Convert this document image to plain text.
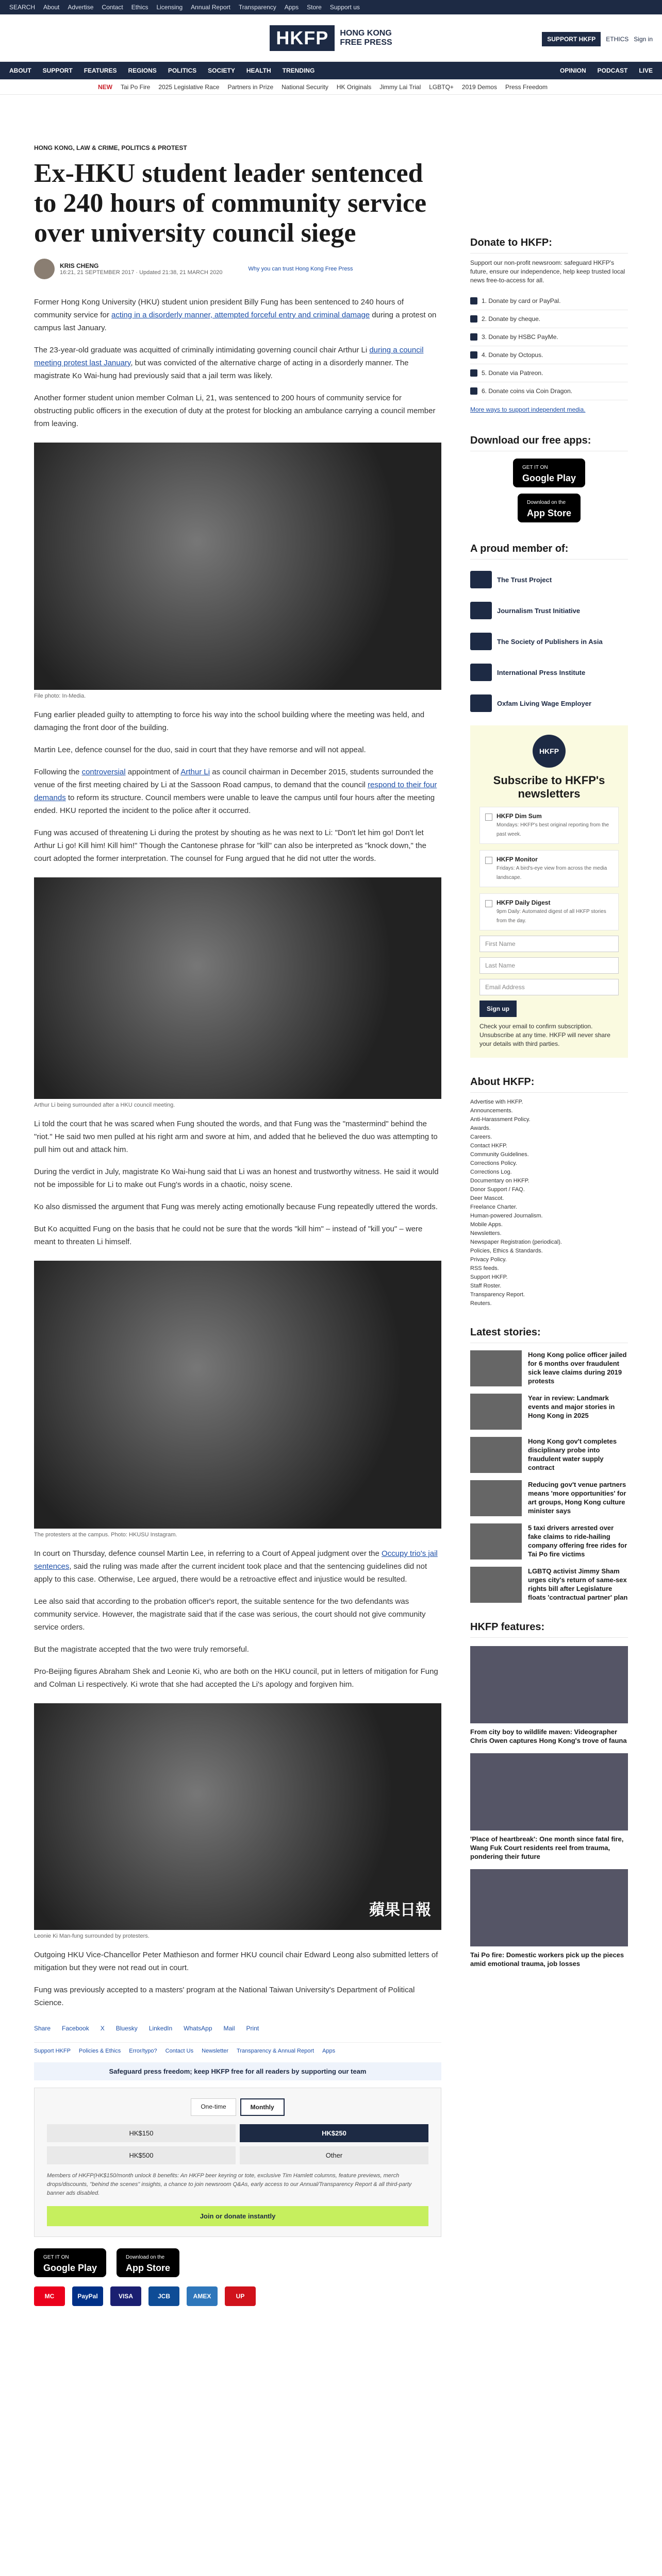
SEARCH About Advertise Contact Ethics Licensing Annual Report Transparency Apps Store Support us
HKFP	HONG KONG
FREE PRESS	SUPPORT HKFP	ETHICS Sign in
ABOUT SUPPORT FEATURES REGIONS POLITICS SOCIETY HEALTH TRENDING	OPINION PODCAST LIVE
NEW Tai Po Fire 2025 Legislative Race Partners in Prize National Security HK Originals Jimmy Lai Trial LGBTQ+ 2019 Demos Press Freedom
HONG KONG, LAW & CRIME, POLITICS & PROTEST
Ex-HKU student leader sentenced to 240 hours of community service over university council siege
KRIS CHENG
16:21, 21 SEPTEMBER 2017 · Updated 21:38, 21 MARCH 2020
Why you can trust Hong Kong Free Press

Former Hong Kong University (HKU) student union president Billy Fung has been sentenced to 240 hours of community service for acting in a disorderly manner, attempted forceful entry and criminal damage during a protest on campus last January.

The 23-year-old graduate was acquitted of criminally intimidating governing council chair Arthur Li during a council meeting protest last January, but was convicted of the alternative charge of acting in a disorderly manner. The magistrate Ko Wai-hung had previously said that a jail term was likely.

Another former student union member Colman Li, 21, was sentenced to 200 hours of community service for obstructing public officers in the execution of duty at the protest for blocking an ambulance carrying a council member from leaving.

File photo: In-Media.

Fung earlier pleaded guilty to attempting to force his way into the school building where the meeting was held, and damaging the front door of the building.

Martin Lee, defence counsel for the duo, said in court that they have remorse and will not appeal.

Following the controversial appointment of Arthur Li as council chairman in December 2015, students surrounded the venue of the first meeting chaired by Li at the Sassoon Road campus, to demand that the council respond to their four demands to reform its structure. Council members were unable to leave the campus until four hours after the meeting ended. HKU reported the incident to the police after it occurred.

Fung was accused of threatening Li during the protest by shouting as he was next to Li: "Don't let him go! Don't let Arthur Li go! Kill him! Kill him!" Though the Cantonese phrase for "kill" can also be interpreted as "knock down," the court adopted the former interpretation. The counsel for Fung argued that he did not utter the words.

Arthur Li being surrounded after a HKU council meeting.

Li told the court that he was scared when Fung shouted the words, and that Fung was the "mastermind" behind the "riot." He said two men pulled at his right arm and swore at him, and added that he believed the duo was attempting to pull him out and attack him.

During the verdict in July, magistrate Ko Wai-hung said that Li was an honest and trustworthy witness. He said it would not be impossible for Li to make out Fung's words in a chaotic, noisy scene.

Ko also dismissed the argument that Fung was merely acting emotionally because Fung repeatedly uttered the words.

But Ko acquitted Fung on the basis that he could not be sure that the words "kill him" – instead of "kill you" – were meant to threaten Li himself.

The protesters at the campus. Photo: HKUSU Instagram.

In court on Thursday, defence counsel Martin Lee, in referring to a Court of Appeal judgment over the Occupy trio's jail sentences, said the ruling was made after the current incident took place and that the sentencing guidelines did not apply to this case. Otherwise, Lee argued, there would be a retroactive effect and injustice would be resulted.

Lee also said that according to the probation officer's report, the suitable sentence for the two defendants was community service. However, the magistrate said that if the case was serious, the court should not give community service orders.

But the magistrate accepted that the two were truly remorseful.

Pro-Beijing figures Abraham Shek and Leonie Ki, who are both on the HKU council, put in letters of mitigation for Fung and Colman Li respectively. Ki wrote that she had accepted the Li's apology and forgiven him.

蘋果日報
Leonie Ki Man-fung surrounded by protesters.

Outgoing HKU Vice-Chancellor Peter Mathieson and former HKU council chair Edward Leong also submitted letters of mitigation but they were not read out in court.

Fung was previously accepted to a masters' program at the National Taiwan University's Department of Political Science.

Share Facebook X Bluesky LinkedIn WhatsApp Mail Print
Support HKFP Policies & Ethics Error/typo? Contact Us Newsletter Transparency & Annual Report Apps
Safeguard press freedom; keep HKFP free for all readers by supporting our team
One-time	Monthly
HK$150	HK$250
HK$500	Other
Members of HKFP(HK$150/month unlock 8 benefits: An HKFP beer keyring or tote, exclusive Tim Hamlett columns, feature previews, merch drops/discounts, "behind the scenes" insights, a chance to join newsroom Q&As, early access to our Annual/Transparency Report & all third-party banner ads disabled.
Join or donate instantly
GET IT ON
Google Play
Download on the
App Store
MC	PayPal	VISA	JCB	AMEX	UP
Donate to HKFP:
Support our non-profit newsroom: safeguard HKFP's future, ensure our independence, help keep trusted local news free-to-access for all.
1. Donate by card or PayPal.
2. Donate by cheque.
3. Donate by HSBC PayMe.
4. Donate by Octopus.
5. Donate via Patreon.
6. Donate coins via Coin Dragon.
More ways to support independent media.
Download our free apps:
GET IT ON
Google Play
Download on the
App Store
A proud member of:
The Trust Project
Journalism Trust Initiative
The Society of Publishers in Asia
International Press Institute
Oxfam Living Wage Employer
HKFP
Subscribe to HKFP's newsletters
HKFP Dim Sum
Mondays: HKFP's best original reporting from the past week.
HKFP Monitor
Fridays: A bird's-eye view from across the media landscape.
HKFP Daily Digest
9pm Daily: Automated digest of all HKFP stories from the day.
First Name
Last Name
Email Address
Sign up
Check your email to confirm subscription. Unsubscribe at any time. HKFP will never share your details with third parties.
About HKFP:
Advertise with HKFP.
Announcements.
Anti-Harassment Policy.
Awards.
Careers.
Contact HKFP.
Community Guidelines.
Corrections Policy.
Corrections Log.
Documentary on HKFP.
Donor Support / FAQ.
Deer Mascot.
Freelance Charter.
Human-powered Journalism.
Mobile Apps.
Newsletters.
Newspaper Registration (periodical).
Policies, Ethics & Standards.
Privacy Policy.
RSS feeds.
Support HKFP.
Staff Roster.
Transparency Report.
Reuters.
Latest stories:
Hong Kong police officer jailed for 6 months over fraudulent sick leave claims during 2019 protests
Year in review: Landmark events and major stories in Hong Kong in 2025
Hong Kong gov't completes disciplinary probe into fraudulent water supply contract
Reducing gov't venue partners means 'more opportunities' for art groups, Hong Kong culture minister says
5 taxi drivers arrested over fake claims to ride-hailing company offering free rides for Tai Po fire victims
LGBTQ activist Jimmy Sham urges city's return of same-sex rights bill after Legislature floats 'contractual partner' plan
HKFP features:
From city boy to wildlife maven: Videographer Chris Owen captures Hong Kong's trove of fauna
'Place of heartbreak': One month since fatal fire, Wang Fuk Court residents reel from trauma, pondering their future
Tai Po fire: Domestic workers pick up the pieces amid emotional trauma, job losses
